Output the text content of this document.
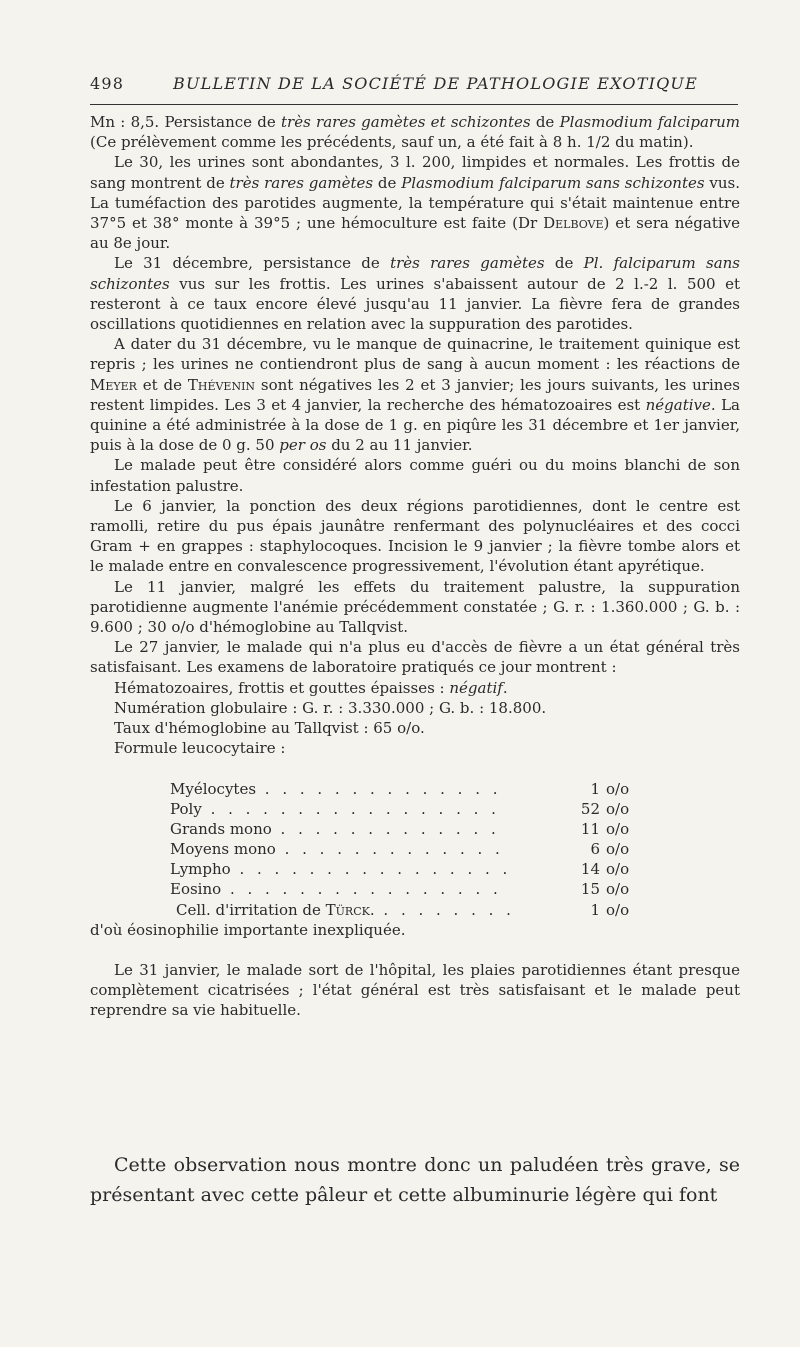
498	BULLETIN DE LA SOCIÉTÉ DE PATHOLOGIE EXOTIQUE

Mn : 8,5. Persistance de très rares gamètes et schizontes de Plasmodium falciparum (Ce prélèvement comme les précédents, sauf un, a été fait à 8 h. 1/2 du matin).

Le 30, les urines sont abondantes, 3 l. 200, limpides et normales. Les frottis de sang montrent de très rares gamètes de Plasmodium falciparum sans schizontes vus. La tuméfaction des parotides augmente, la température qui s'était maintenue entre 37°5 et 38° monte à 39°5 ; une hémoculture est faite (Dr Delbove) et sera négative au 8e jour.

Le 31 décembre, persistance de très rares gamètes de Pl. falciparum sans schizontes vus sur les frottis. Les urines s'abaissent autour de 2 l.-2 l. 500 et resteront à ce taux encore élevé jusqu'au 11 janvier. La fièvre fera de grandes oscillations quotidiennes en relation avec la suppuration des parotides.

A dater du 31 décembre, vu le manque de quinacrine, le traitement quinique est repris ; les urines ne contiendront plus de sang à aucun moment : les réactions de Meyer et de Thévenin sont négatives les 2 et 3 janvier; les jours suivants, les urines restent limpides. Les 3 et 4 janvier, la recherche des hématozoaires est négative. La quinine a été administrée à la dose de 1 g. en piqûre les 31 décembre et 1er janvier, puis à la dose de 0 g. 50 per os du 2 au 11 janvier.

Le malade peut être considéré alors comme guéri ou du moins blanchi de son infestation palustre.

Le 6 janvier, la ponction des deux régions parotidiennes, dont le centre est ramolli, retire du pus épais jaunâtre renfermant des polynucléaires et des cocci Gram + en grappes : staphylocoques. Incision le 9 janvier ; la fièvre tombe alors et le malade entre en convalescence progressivement, l'évolution étant apyrétique.

Le 11 janvier, malgré les effets du traitement palustre, la suppuration parotidienne augmente l'anémie précédemment constatée ; G. r. : 1.360.000 ; G. b. : 9.600 ; 30 o/o d'hémoglobine au Tallqvist.

Le 27 janvier, le malade qui n'a plus eu d'accès de fièvre a un état général très satisfaisant. Les examens de laboratoire pratiqués ce jour montrent :

Hématozoaires, frottis et gouttes épaisses : négatif.
Numération globulaire : G. r. : 3.330.000 ; G. b. : 18.800.
Taux d'hémoglobine au Tallqvist : 65 o/o.
Formule leucocytaire :
Myélocytes . . .	1 o/o
Poly . . .	52 o/o
Grands mono . . .	11 o/o
Moyens mono . . .	6 o/o
Lympho . . .	14 o/o
Eosino . . .	15 o/o
Cell. d'irritation de Türck. . . .	1 o/o

d'où éosinophilie importante inexpliquée.

Le 31 janvier, le malade sort de l'hôpital, les plaies parotidiennes étant presque complètement cicatrisées ; l'état général est très satisfaisant et le malade peut reprendre sa vie habituelle.

Cette observation nous montre donc un paludéen très grave, se présentant avec cette pâleur et cette albuminurie légère qui font
